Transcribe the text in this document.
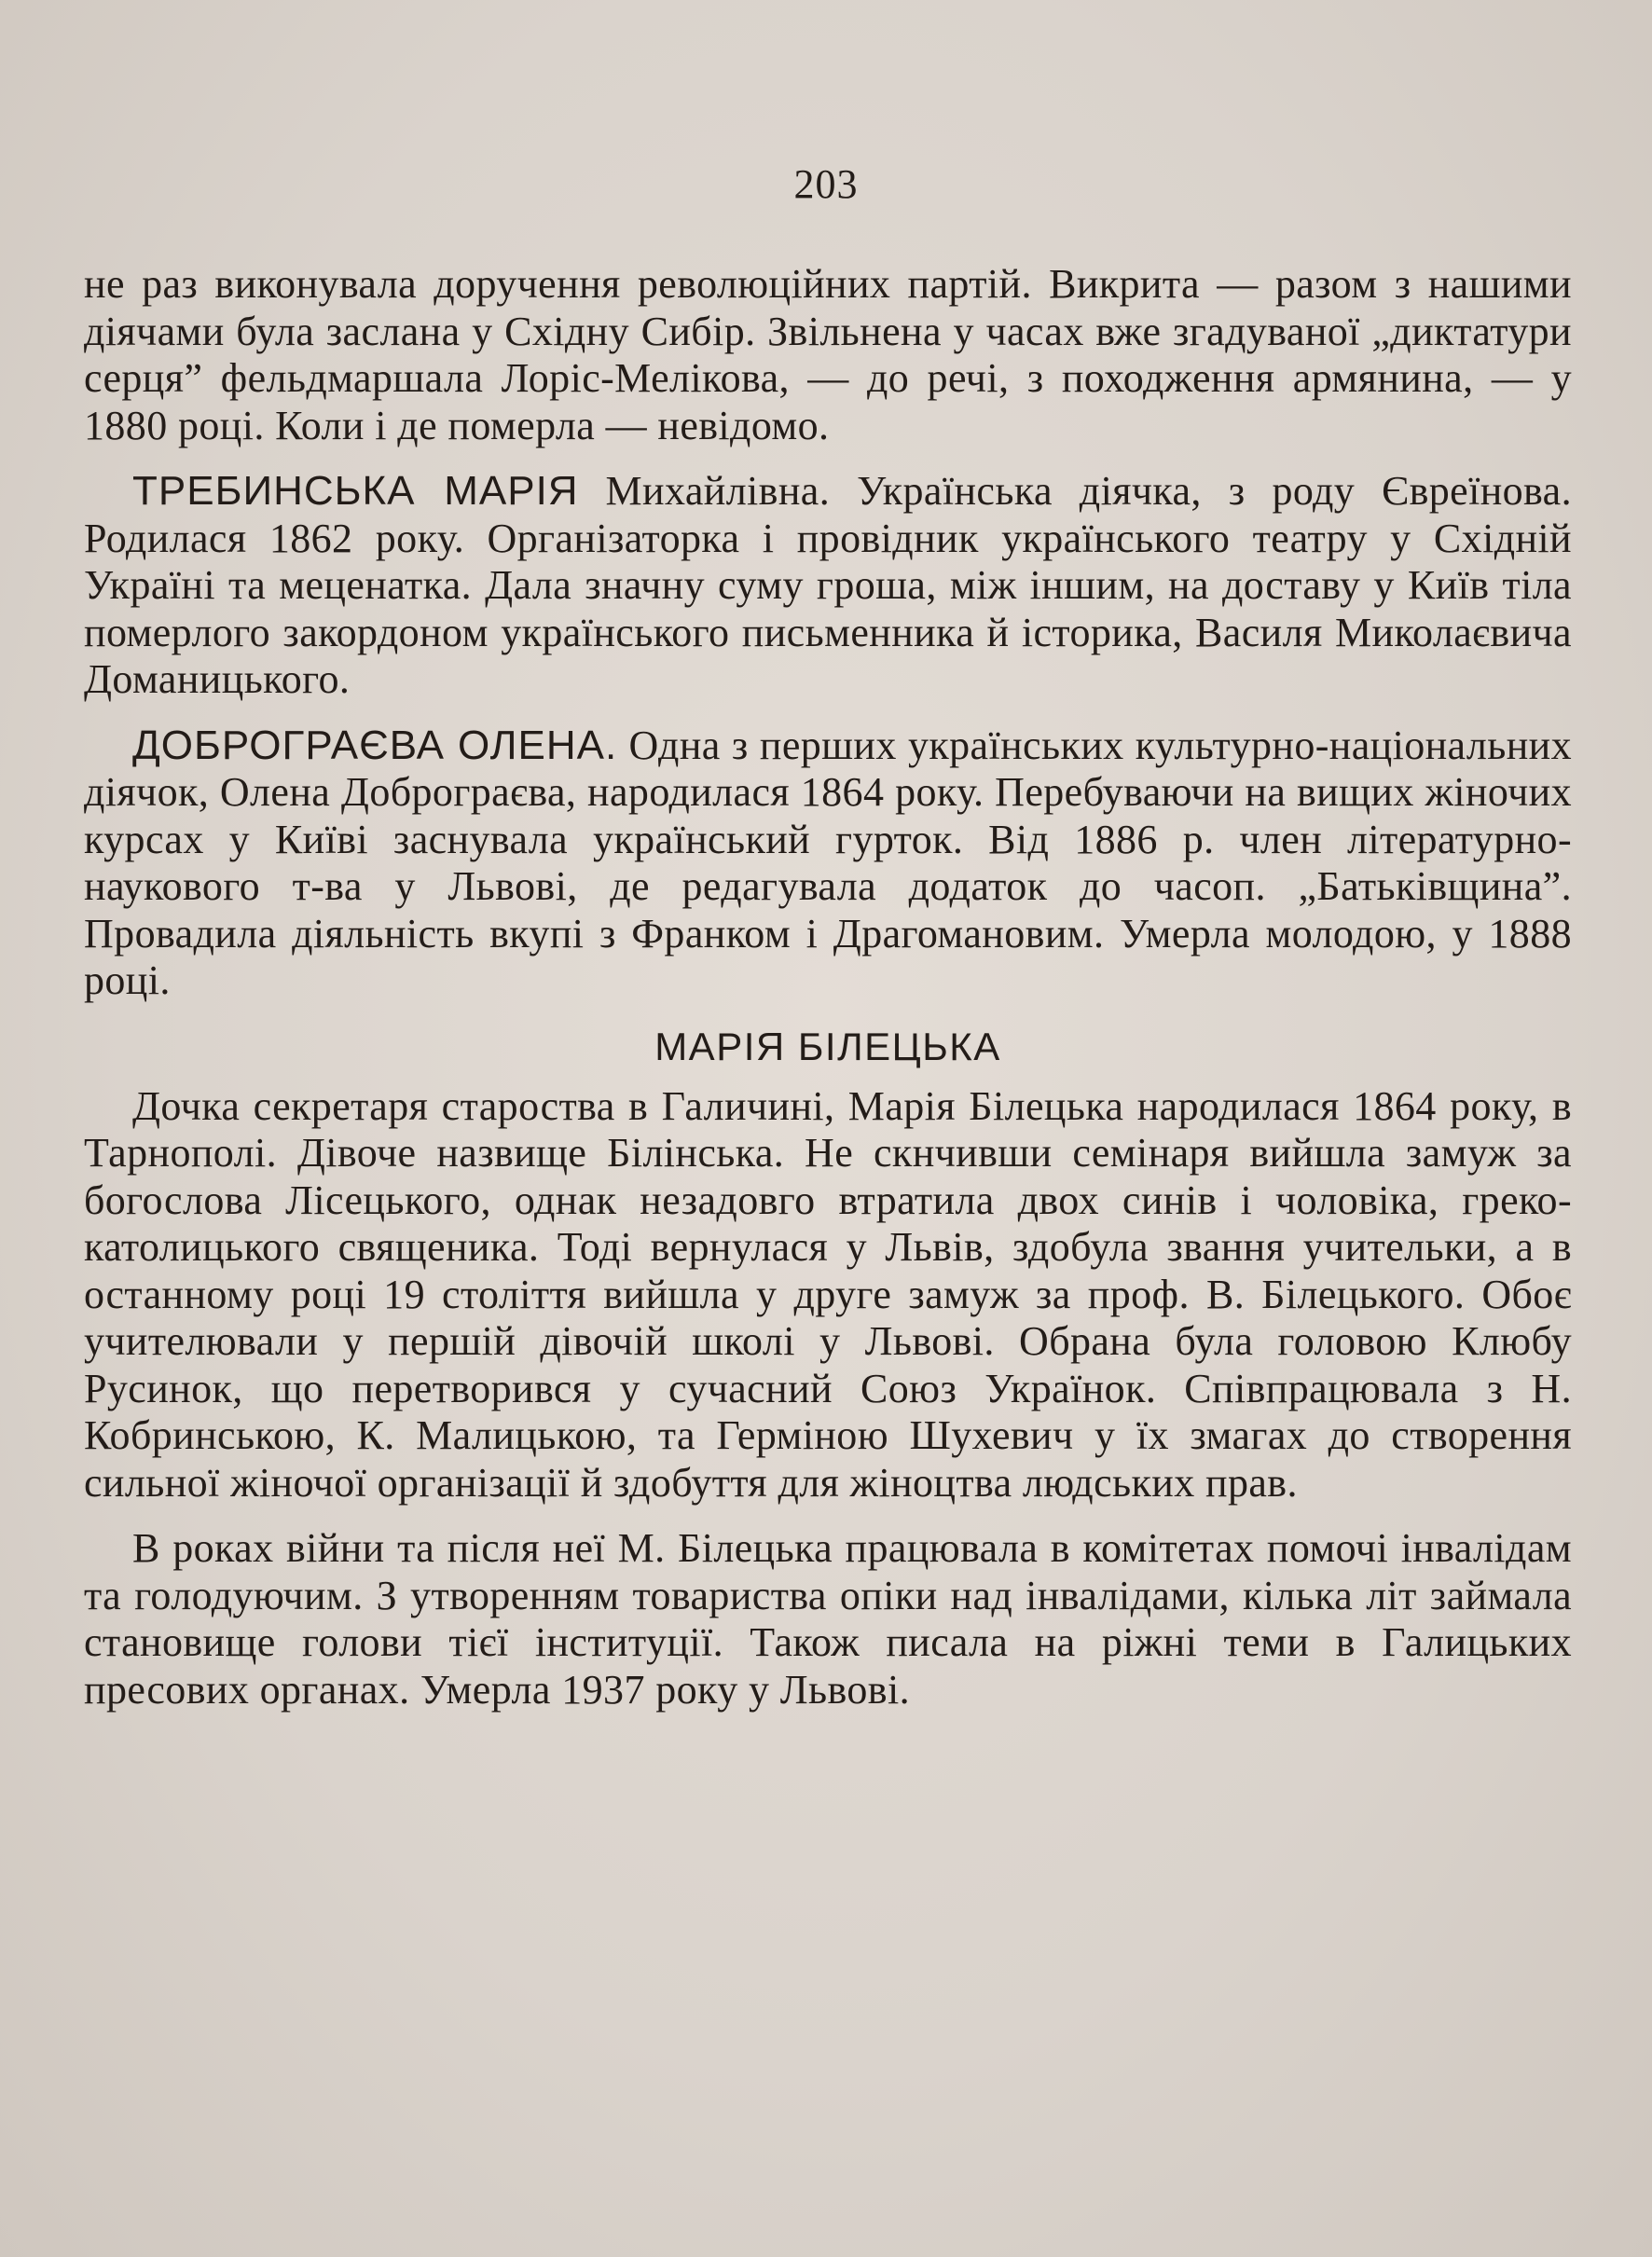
203

не раз виконувала доручення революційних партій. Викрита — разом з нашими діячами була заслана у Східну Сибір. Звільнена у часах вже згадуваної „диктатури серця” фельдмаршала Лоріс-Мелікова, — до речі, з походження армянина, — у 1880 році. Коли і де померла — невідомо.

ТРЕБИНСЬКА МАРІЯ Михайлівна. Українська діячка, з роду Євреїнова. Родилася 1862 року. Організаторка і провідник українського театру у Східній Україні та меценатка. Дала значну суму гроша, між іншим, на доставу у Київ тіла померлого закордоном українського письменника й історика, Василя Миколаєвича Доманицького.

ДОБРОГРАЄВА ОЛЕНА. Одна з перших українських культурно-національних діячок, Олена Доброграєва, народилася 1864 року. Перебуваючи на вищих жіночих курсах у Київі заснувала український гурток. Від 1886 р. член літературно-наукового т-ва у Львові, де редагувала додаток до часоп. „Батьківщина”. Провадила діяльність вкупі з Франком і Драгомановим. Умерла молодою, у 1888 році.

МАРІЯ БІЛЕЦЬКА

Дочка секретаря староства в Галичині, Марія Білецька народилася 1864 року, в Тарнополі. Дівоче назвище Білінська. Не скнчивши семінаря вийшла замуж за богослова Лісецького, однак незадовго втратила двох синів і чоловіка, греко-католицького священика. Тоді вернулася у Львів, здобула звання учительки, а в останному році 19 століття вийшла у друге замуж за проф. В. Білецького. Обоє учителювали у першій дівочій школі у Львові. Обрана була головою Клюбу Русинок, що перетворився у сучасний Союз Українок. Співпрацювала з Н. Кобринською, К. Малицькою, та Герміною Шухевич у їх змагах до створення сильної жіночої організації й здобуття для жіноцтва людських прав.

В роках війни та після неї М. Білецька працювала в комітетах помочі інвалідам та голодуючим. З утворенням товариства опіки над інвалідами, кілька літ займала становище голови тієї інституції. Також писала на ріжні теми в Галицьких пресових органах. Умерла 1937 року у Львові.
